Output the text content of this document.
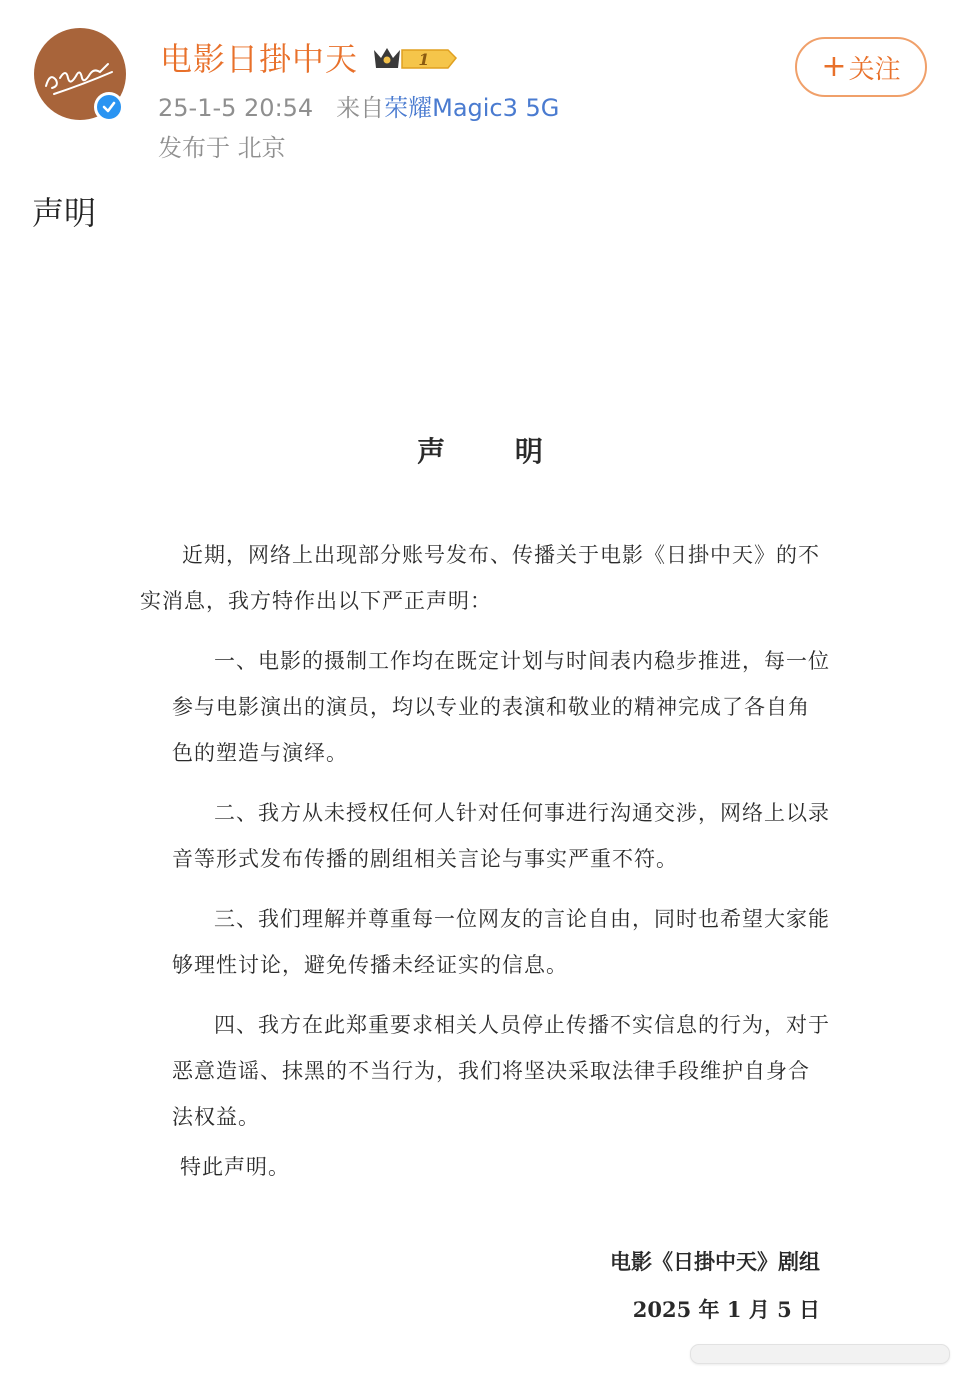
电影日掛中天	1
25-1-5 20:54 来自荣耀Magic3 5G
发布于 北京
+ 关注
声明
声 明
近期，网络上出现部分账号发布、传播关于电影《日掛中天》的不实消息，我方特作出以下严正声明：
一、电影的摄制工作均在既定计划与时间表内稳步推进，每一位参与电影演出的演员，均以专业的表演和敬业的精神完成了各自角色的塑造与演绎。
二、我方从未授权任何人针对任何事进行沟通交涉，网络上以录音等形式发布传播的剧组相关言论与事实严重不符。
三、我们理解并尊重每一位网友的言论自由，同时也希望大家能够理性讨论，避免传播未经证实的信息。
四、我方在此郑重要求相关人员停止传播不实信息的行为，对于恶意造谣、抹黑的不当行为，我们将坚决采取法律手段维护自身合法权益。
特此声明。
电影《日掛中天》剧组
2025 年 1 月 5 日
